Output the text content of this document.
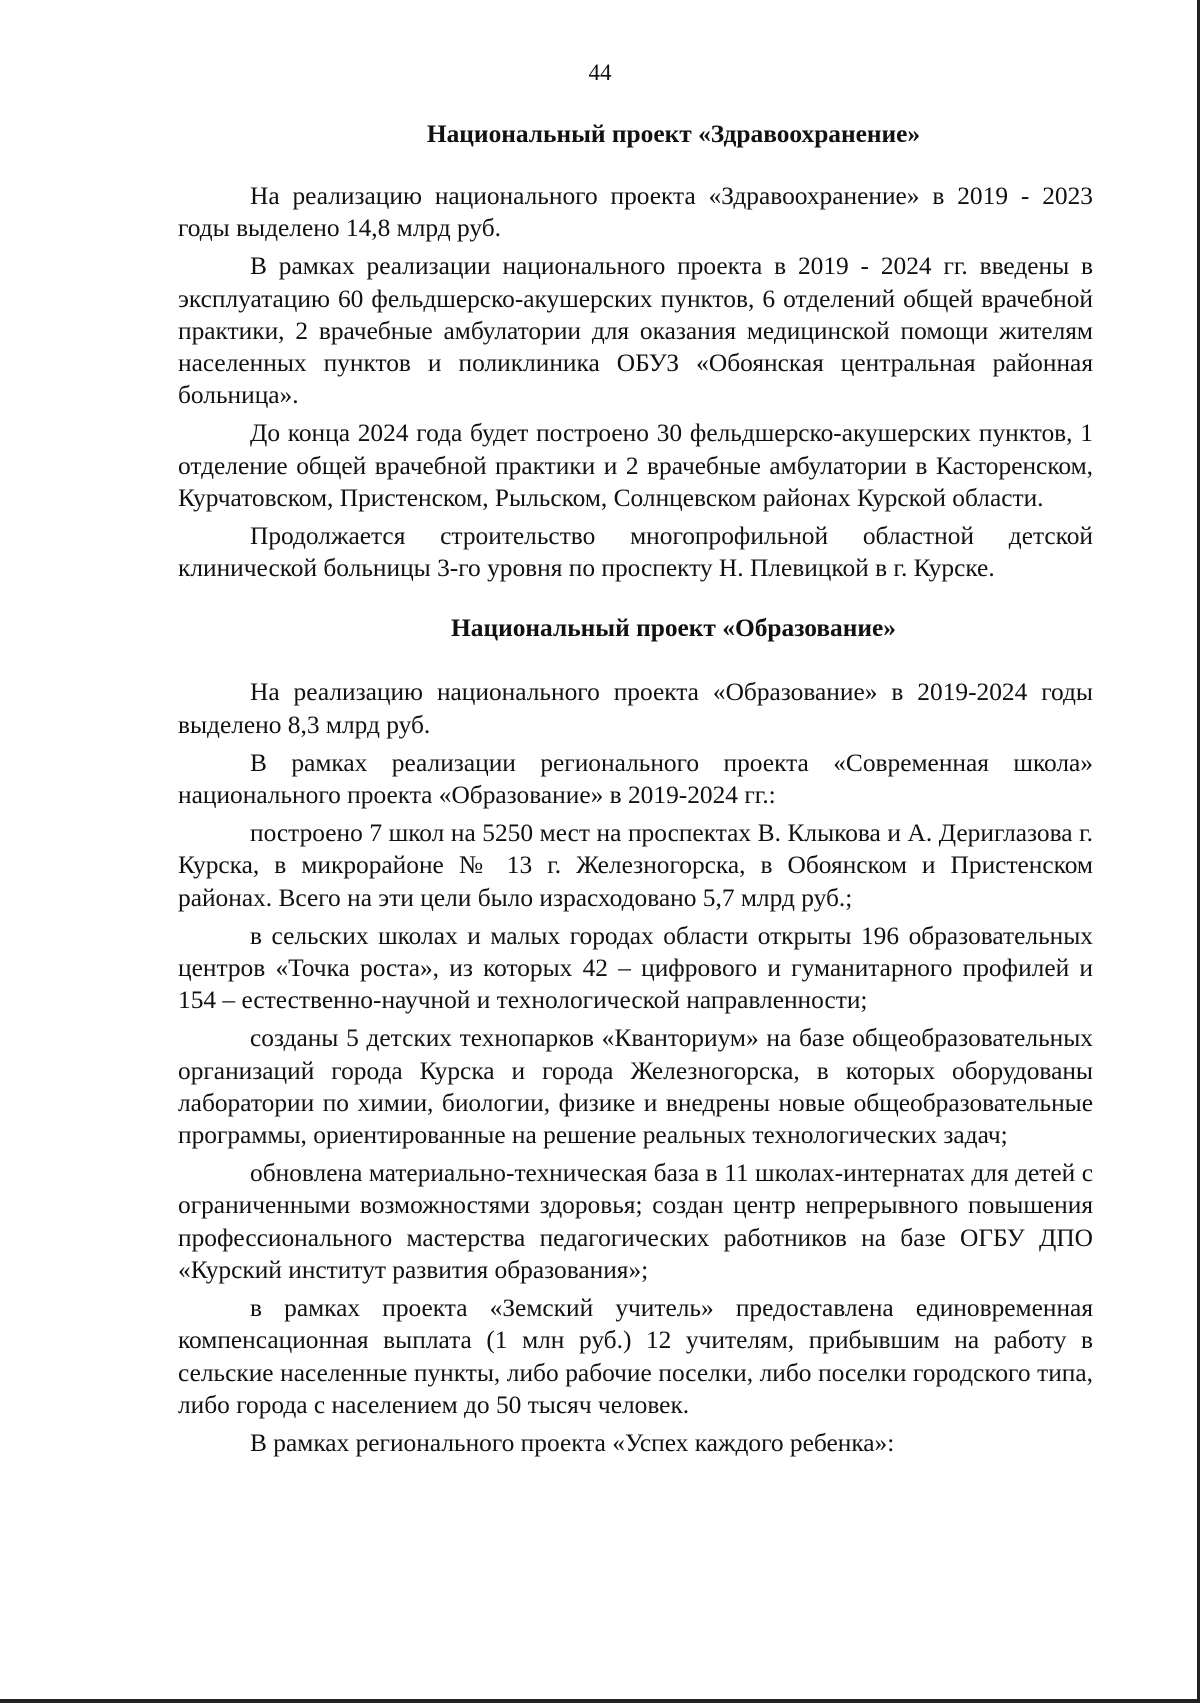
44
Национальный проект «Здравоохранение»

На реализацию национального проекта «Здравоохранение» в 2019 - 2023 годы выделено 14,8 млрд руб.

В рамках реализации национального проекта в 2019 - 2024 гг. введены в эксплуатацию 60 фельдшерско-акушерских пунктов, 6 отделений общей врачебной практики, 2 врачебные амбулатории для оказания медицинской помощи жителям населенных пунктов и поликлиника ОБУЗ «Обоянская центральная районная больница».

До конца 2024 года будет построено 30 фельдшерско-акушерских пунктов, 1 отделение общей врачебной практики и 2 врачебные амбулатории в Касторенском, Курчатовском, Пристенском, Рыльском, Солнцевском районах Курской области.

Продолжается строительство многопрофильной областной детской клинической больницы 3-го уровня по проспекту Н. Плевицкой в г. Курске.

Национальный проект «Образование»

На реализацию национального проекта «Образование» в 2019-2024 годы выделено 8,3 млрд руб.

В рамках реализации регионального проекта «Современная школа» национального проекта «Образование» в 2019-2024 гг.:

построено 7 школ на 5250 мест на проспектах В. Клыкова и А. Дериглазова г. Курска, в микрорайоне № 13 г. Железногорска, в Обоянском и Пристенском районах. Всего на эти цели было израсходовано 5,7 млрд руб.;

в сельских школах и малых городах области открыты 196 образовательных центров «Точка роста», из которых 42 – цифрового и гуманитарного профилей и 154 – естественно-научной и технологической направленности;

созданы 5 детских технопарков «Кванториум» на базе общеобразовательных организаций города Курска и города Железногорска, в которых оборудованы лаборатории по химии, биологии, физике и внедрены новые общеобразовательные программы, ориентированные на решение реальных технологических задач;

обновлена материально-техническая база в 11 школах-интернатах для детей с ограниченными возможностями здоровья; создан центр непрерывного повышения профессионального мастерства педагогических работников на базе ОГБУ ДПО «Курский институт развития образования»;

в рамках проекта «Земский учитель» предоставлена единовременная компенсационная выплата (1 млн руб.) 12 учителям, прибывшим на работу в сельские населенные пункты, либо рабочие поселки, либо поселки городского типа, либо города с населением до 50 тысяч человек.

В рамках регионального проекта «Успех каждого ребенка»:
